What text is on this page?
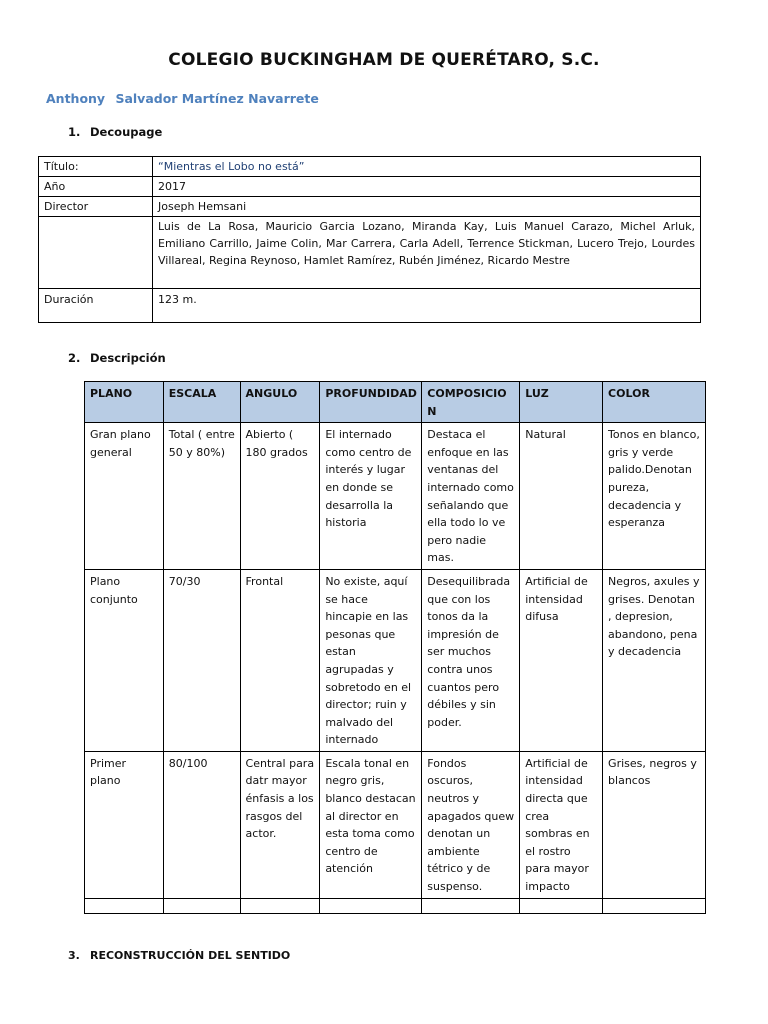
COLEGIO BUCKINGHAM DE QUERÉTARO, S.C.
Anthony Salvador Martínez Navarrete
1. Decoupage
Título:	“Mientras el Lobo no está”
Año	2017
Director	Joseph Hemsani
	Luis de La Rosa, Mauricio Garcia Lozano, Miranda Kay, Luis Manuel Carazo, Michel Arluk, Emiliano Carrillo, Jaime Colin, Mar Carrera, Carla Adell, Terrence Stickman, Lucero Trejo, Lourdes Villareal, Regina Reynoso, Hamlet Ramírez, Rubén Jiménez, Ricardo Mestre
Duración	123 m.
2. Descripción
PLANO	ESCALA	ANGULO	PROFUNDIDAD	COMPOSICIO N	LUZ	COLOR
Gran plano general	Total ( entre 50 y 80%)	Abierto ( 180 grados	El internado como centro de interés y lugar en donde se desarrolla la historia	Destaca el enfoque en las ventanas del internado como señalando que ella todo lo ve pero nadie mas.	Natural	Tonos en blanco, gris y verde palido.Denotan pureza, decadencia y esperanza
Plano conjunto	70/30	Frontal	No existe, aquí se hace hincapie en las pesonas que estan agrupadas y sobretodo en el director; ruin y malvado del internado	Desequilibrada que con los tonos da la impresión de ser muchos contra unos cuantos pero débiles y sin poder.	Artificial de intensidad difusa	Negros, axules y grises. Denotan , depresion, abandono, pena y decadencia
Primer plano	80/100	Central para datr mayor énfasis a los rasgos del actor.	Escala tonal en negro gris, blanco destacan al director en esta toma como centro de atención	Fondos oscuros, neutros y apagados quew denotan un ambiente tétrico y de suspenso.	Artificial de intensidad directa que crea sombras en el rostro para mayor impacto	Grises, negros y blancos

3. RECONSTRUCCIÓN DEL SENTIDO
